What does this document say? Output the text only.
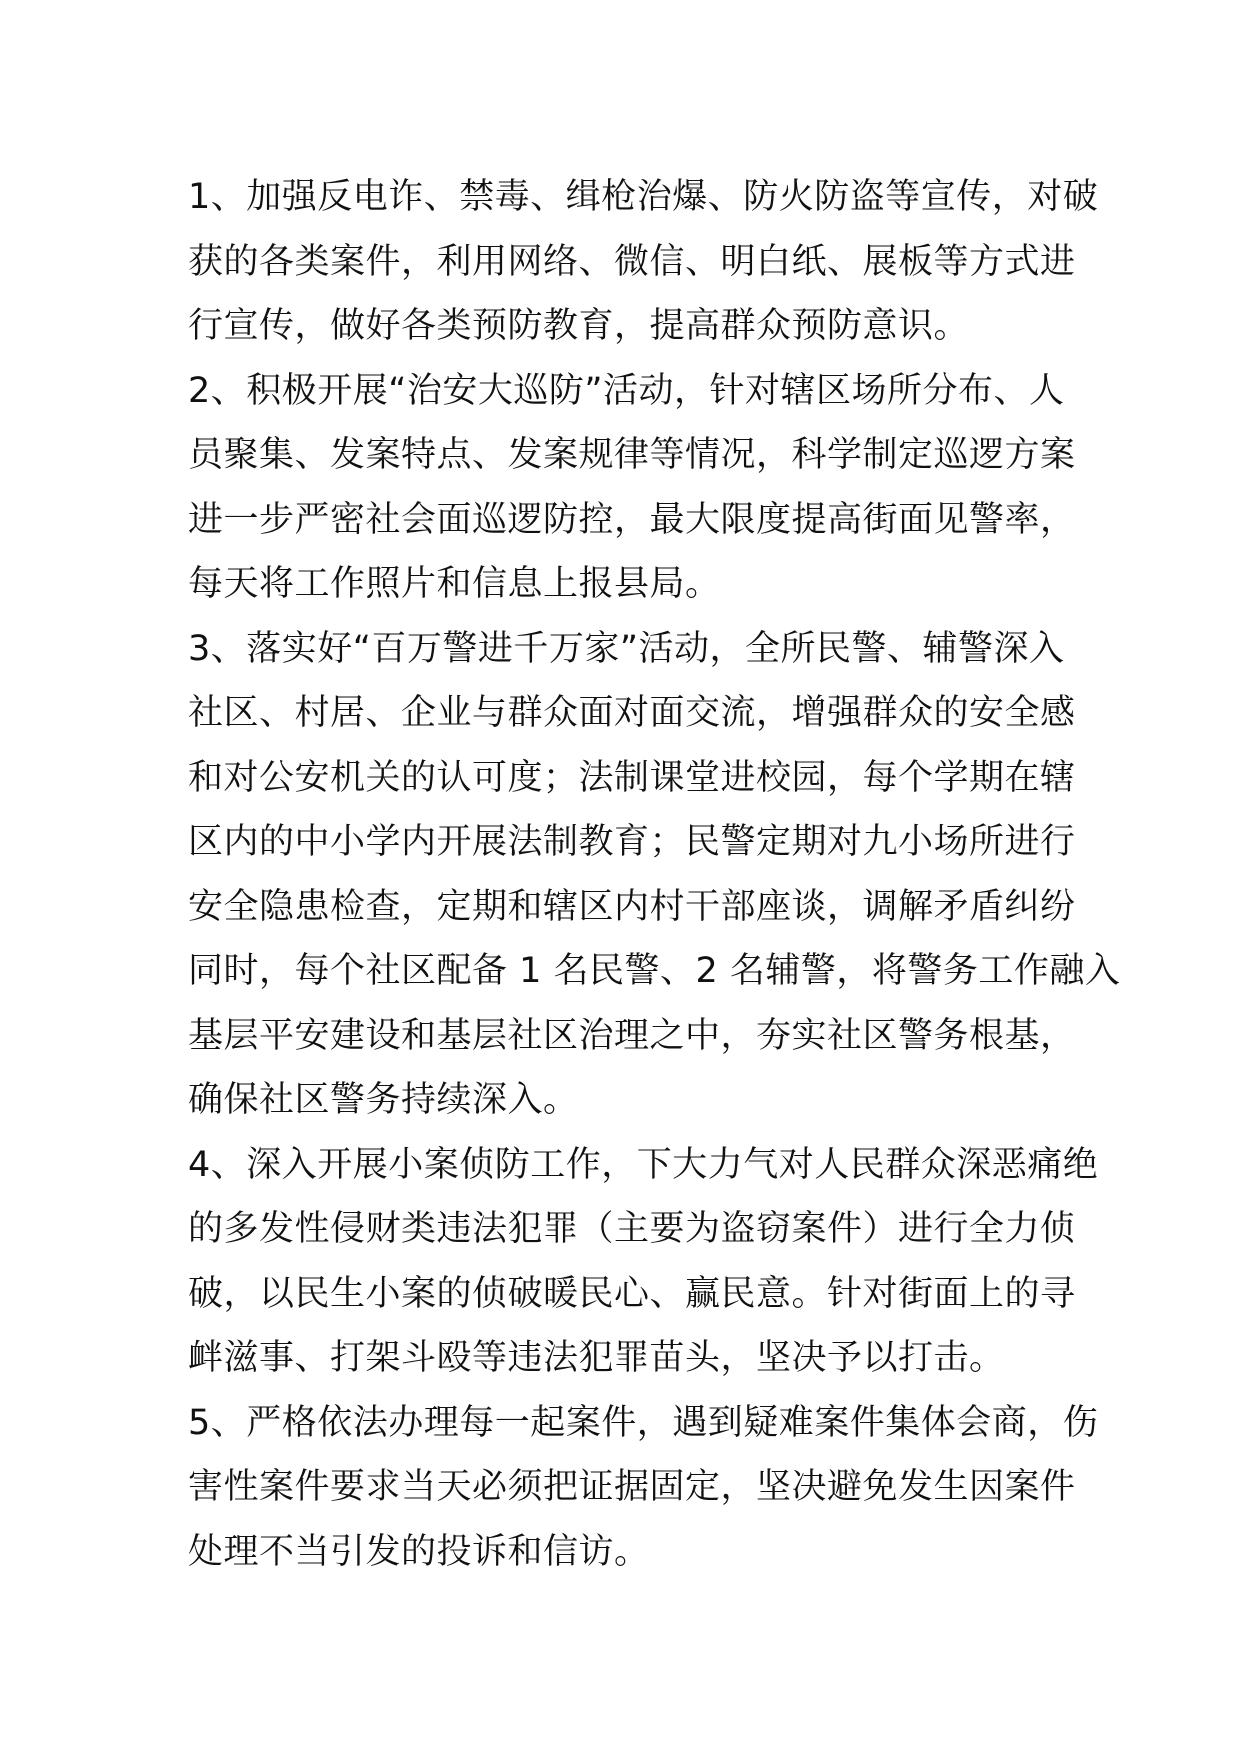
1、加强反电诈、禁毒、缉枪治爆、防火防盗等宣传，对破
获的各类案件，利用网络、微信、明白纸、展板等方式进
行宣传，做好各类预防教育，提高群众预防意识。
2、积极开展“治安大巡防”活动，针对辖区场所分布、人
员聚集、发案特点、发案规律等情况，科学制定巡逻方案
进一步严密社会面巡逻防控，最大限度提高街面见警率，
每天将工作照片和信息上报县局。
3、落实好“百万警进千万家”活动，全所民警、辅警深入
社区、村居、企业与群众面对面交流，增强群众的安全感
和对公安机关的认可度；法制课堂进校园，每个学期在辖
区内的中小学内开展法制教育；民警定期对九小场所进行
安全隐患检查，定期和辖区内村干部座谈，调解矛盾纠纷
同时，每个社区配备 1 名民警、2 名辅警，将警务工作融入
基层平安建设和基层社区治理之中，夯实社区警务根基，
确保社区警务持续深入。
4、深入开展小案侦防工作，下大力气对人民群众深恶痛绝
的多发性侵财类违法犯罪（主要为盗窃案件）进行全力侦
破，以民生小案的侦破暖民心、赢民意。针对街面上的寻
衅滋事、打架斗殴等违法犯罪苗头，坚决予以打击。
5、严格依法办理每一起案件，遇到疑难案件集体会商，伤
害性案件要求当天必须把证据固定，坚决避免发生因案件
处理不当引发的投诉和信访。
